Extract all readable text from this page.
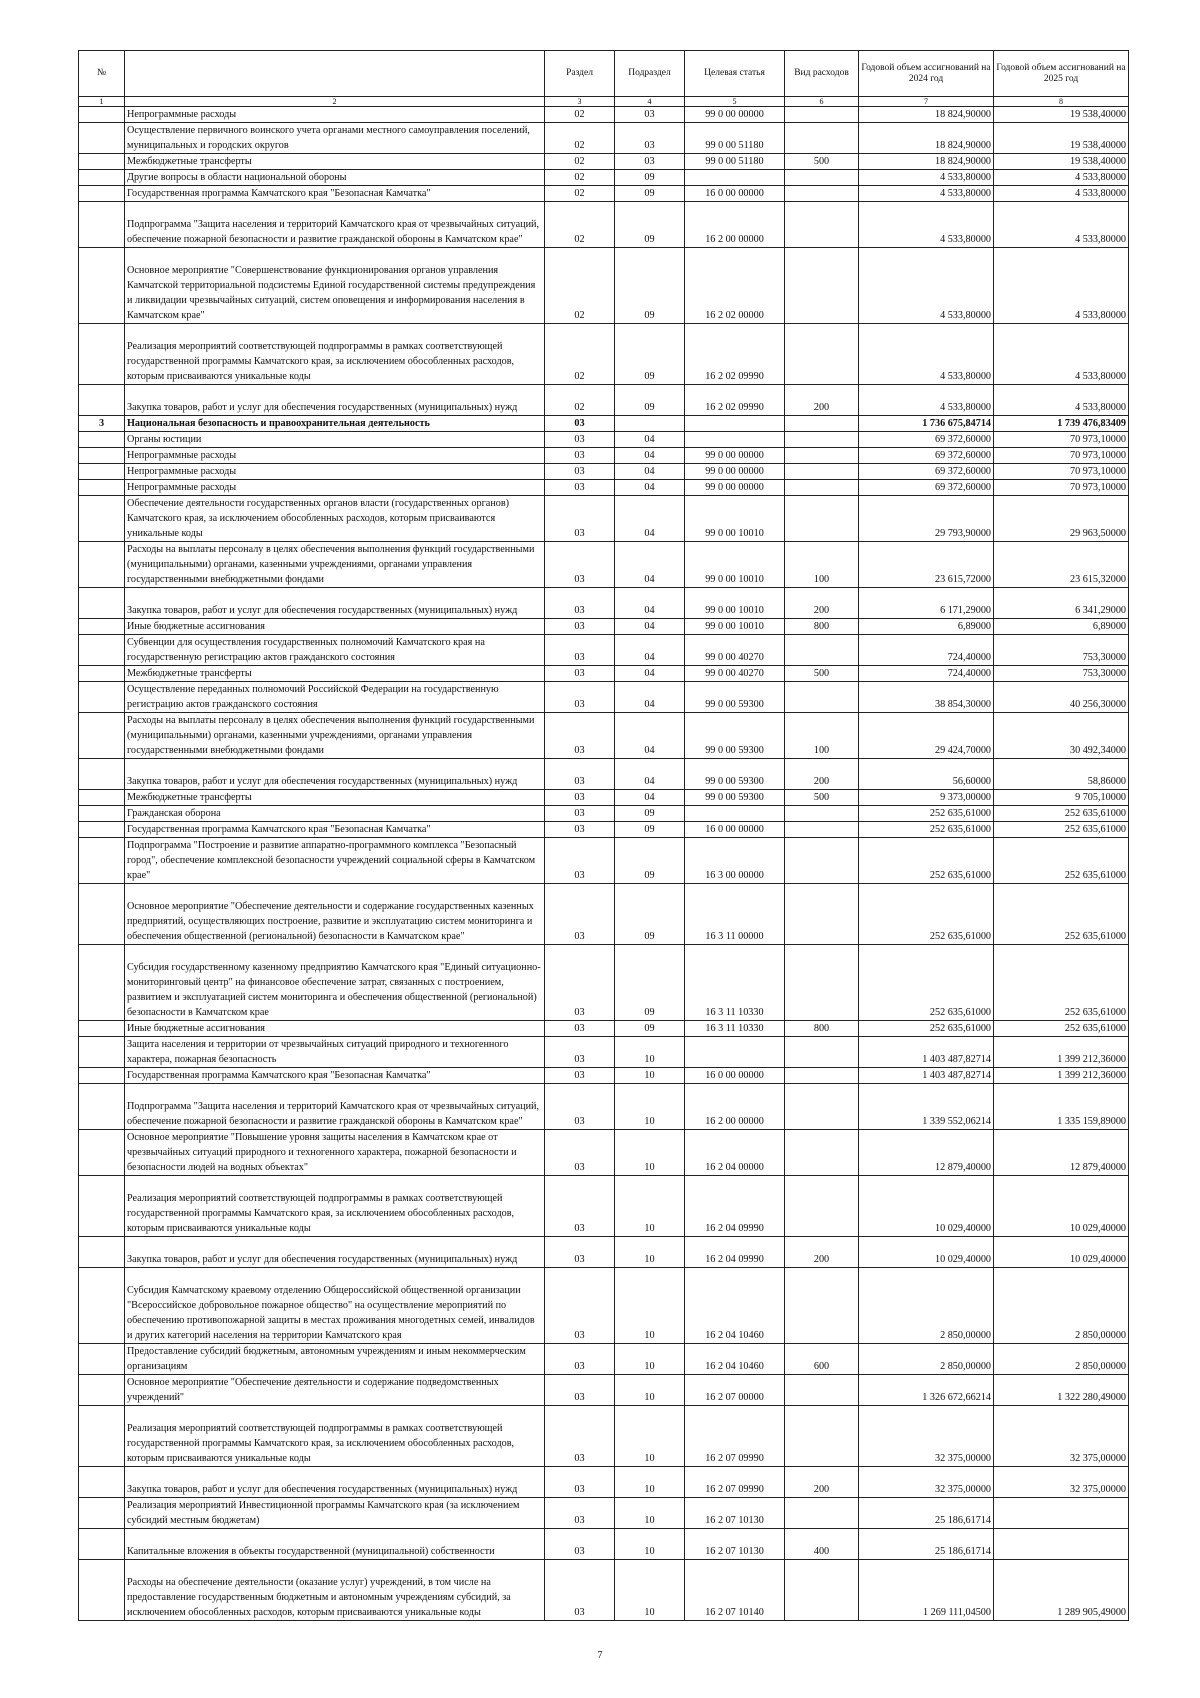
№		Раздел	Подраздел	Целевая статья	Вид расходов	Годовой объем ассигнований на 2024 год	Годовой объем ассигнований на 2025 год
1	2	3	4	5	6	7	8
	Непрограммные расходы	02	03	99 0 00 00000		18 824,90000	19 538,40000
	Осуществление первичного воинского учета органами местного самоуправления поселений, муниципальных и городских округов	02	03	99 0 00 51180		18 824,90000	19 538,40000
	Межбюджетные трансферты	02	03	99 0 00 51180	500	18 824,90000	19 538,40000
	Другие вопросы в области национальной обороны	02	09			4 533,80000	4 533,80000
	Государственная программа Камчатского края "Безопасная Камчатка"	02	09	16 0 00 00000		4 533,80000	4 533,80000
	Подпрограмма "Защита населения и территорий Камчатского края от чрезвычайных ситуаций, обеспечение пожарной безопасности и развитие гражданской обороны в Камчатском крае"	02	09	16 2 00 00000		4 533,80000	4 533,80000
	Основное мероприятие "Совершенствование функционирования органов управления Камчатской территориальной подсистемы Единой государственной системы предупреждения и ликвидации чрезвычайных ситуаций, систем оповещения и информирования населения в Камчатском крае"	02	09	16 2 02 00000		4 533,80000	4 533,80000
	Реализация мероприятий соответствующей подпрограммы в рамках соответствующей государственной программы Камчатского края, за исключением обособленных расходов, которым присваиваются уникальные коды	02	09	16 2 02 09990		4 533,80000	4 533,80000
	Закупка товаров, работ и услуг для обеспечения государственных (муниципальных) нужд	02	09	16 2 02 09990	200	4 533,80000	4 533,80000
3	Национальная безопасность и правоохранительная деятельность	03				1 736 675,84714	1 739 476,83409
	Органы юстиции	03	04			69 372,60000	70 973,10000
	Непрограммные расходы	03	04	99 0 00 00000		69 372,60000	70 973,10000
	Непрограммные расходы	03	04	99 0 00 00000		69 372,60000	70 973,10000
	Непрограммные расходы	03	04	99 0 00 00000		69 372,60000	70 973,10000
	Обеспечение деятельности государственных органов власти (государственных органов) Камчатского края, за исключением обособленных расходов, которым присваиваются уникальные коды	03	04	99 0 00 10010		29 793,90000	29 963,50000
	Расходы на выплаты персоналу в целях обеспечения выполнения функций государственными (муниципальными) органами, казенными учреждениями, органами управления государственными внебюджетными фондами	03	04	99 0 00 10010	100	23 615,72000	23 615,32000
	Закупка товаров, работ и услуг для обеспечения государственных (муниципальных) нужд	03	04	99 0 00 10010	200	6 171,29000	6 341,29000
	Иные бюджетные ассигнования	03	04	99 0 00 10010	800	6,89000	6,89000
	Субвенции для осуществления государственных полномочий Камчатского края на государственную регистрацию актов гражданского состояния	03	04	99 0 00 40270		724,40000	753,30000
	Межбюджетные трансферты	03	04	99 0 00 40270	500	724,40000	753,30000
	Осуществление переданных полномочий Российской Федерации на государственную регистрацию актов гражданского состояния	03	04	99 0 00 59300		38 854,30000	40 256,30000
	Расходы на выплаты персоналу в целях обеспечения выполнения функций государственными (муниципальными) органами, казенными учреждениями, органами управления государственными внебюджетными фондами	03	04	99 0 00 59300	100	29 424,70000	30 492,34000
	Закупка товаров, работ и услуг для обеспечения государственных (муниципальных) нужд	03	04	99 0 00 59300	200	56,60000	58,86000
	Межбюджетные трансферты	03	04	99 0 00 59300	500	9 373,00000	9 705,10000
	Гражданская оборона	03	09			252 635,61000	252 635,61000
	Государственная программа Камчатского края "Безопасная Камчатка"	03	09	16 0 00 00000		252 635,61000	252 635,61000
	Подпрограмма "Построение и развитие аппаратно-программного комплекса "Безопасный город", обеспечение комплексной безопасности учреждений социальной сферы в Камчатском крае"	03	09	16 3 00 00000		252 635,61000	252 635,61000
	Основное мероприятие "Обеспечение деятельности и содержание государственных казенных предприятий, осуществляющих построение, развитие и эксплуатацию систем мониторинга и обеспечения общественной (региональной) безопасности в Камчатском крае"	03	09	16 3 11 00000		252 635,61000	252 635,61000
	Субсидия государственному казенному предприятию Камчатского края "Единый ситуационно-мониторинговый центр" на финансовое обеспечение затрат, связанных с построением, развитием и эксплуатацией систем мониторинга и обеспечения общественной (региональной) безопасности в Камчатском крае	03	09	16 3 11 10330		252 635,61000	252 635,61000
	Иные бюджетные ассигнования	03	09	16 3 11 10330	800	252 635,61000	252 635,61000
	Защита населения и территории от чрезвычайных ситуаций природного и техногенного характера, пожарная безопасность	03	10			1 403 487,82714	1 399 212,36000
	Государственная программа Камчатского края "Безопасная Камчатка"	03	10	16 0 00 00000		1 403 487,82714	1 399 212,36000
	Подпрограмма "Защита населения и территорий Камчатского края от чрезвычайных ситуаций, обеспечение пожарной безопасности и развитие гражданской обороны в Камчатском крае"	03	10	16 2 00 00000		1 339 552,06214	1 335 159,89000
	Основное мероприятие "Повышение уровня защиты населения в Камчатском крае от чрезвычайных ситуаций природного и техногенного характера, пожарной безопасности и безопасности людей на водных объектах"	03	10	16 2 04 00000		12 879,40000	12 879,40000
	Реализация мероприятий соответствующей подпрограммы в рамках соответствующей государственной программы Камчатского края, за исключением обособленных расходов, которым присваиваются уникальные коды	03	10	16 2 04 09990		10 029,40000	10 029,40000
	Закупка товаров, работ и услуг для обеспечения государственных (муниципальных) нужд	03	10	16 2 04 09990	200	10 029,40000	10 029,40000
	Субсидия Камчатскому краевому отделению Общероссийской общественной организации "Всероссийское добровольное пожарное общество" на осуществление мероприятий по обеспечению противопожарной защиты в местах проживания многодетных семей, инвалидов и других категорий населения на территории Камчатского края	03	10	16 2 04 10460		2 850,00000	2 850,00000
	Предоставление субсидий бюджетным, автономным учреждениям и иным некоммерческим организациям	03	10	16 2 04 10460	600	2 850,00000	2 850,00000
	Основное мероприятие "Обеспечение деятельности и содержание подведомственных учреждений"	03	10	16 2 07 00000		1 326 672,66214	1 322 280,49000
	Реализация мероприятий соответствующей подпрограммы в рамках соответствующей государственной программы Камчатского края, за исключением обособленных расходов, которым присваиваются уникальные коды	03	10	16 2 07 09990		32 375,00000	32 375,00000
	Закупка товаров, работ и услуг для обеспечения государственных (муниципальных) нужд	03	10	16 2 07 09990	200	32 375,00000	32 375,00000
	Реализация мероприятий Инвестиционной программы Камчатского края (за исключением субсидий местным бюджетам)	03	10	16 2 07 10130		25 186,61714	
	Капитальные вложения в объекты государственной (муниципальной) собственности	03	10	16 2 07 10130	400	25 186,61714	
	Расходы на обеспечение деятельности (оказание услуг) учреждений, в том числе на предоставление государственным бюджетным и автономным учреждениям субсидий, за исключением обособленных расходов, которым присваиваются уникальные коды	03	10	16 2 07 10140		1 269 111,04500	1 289 905,49000
7
